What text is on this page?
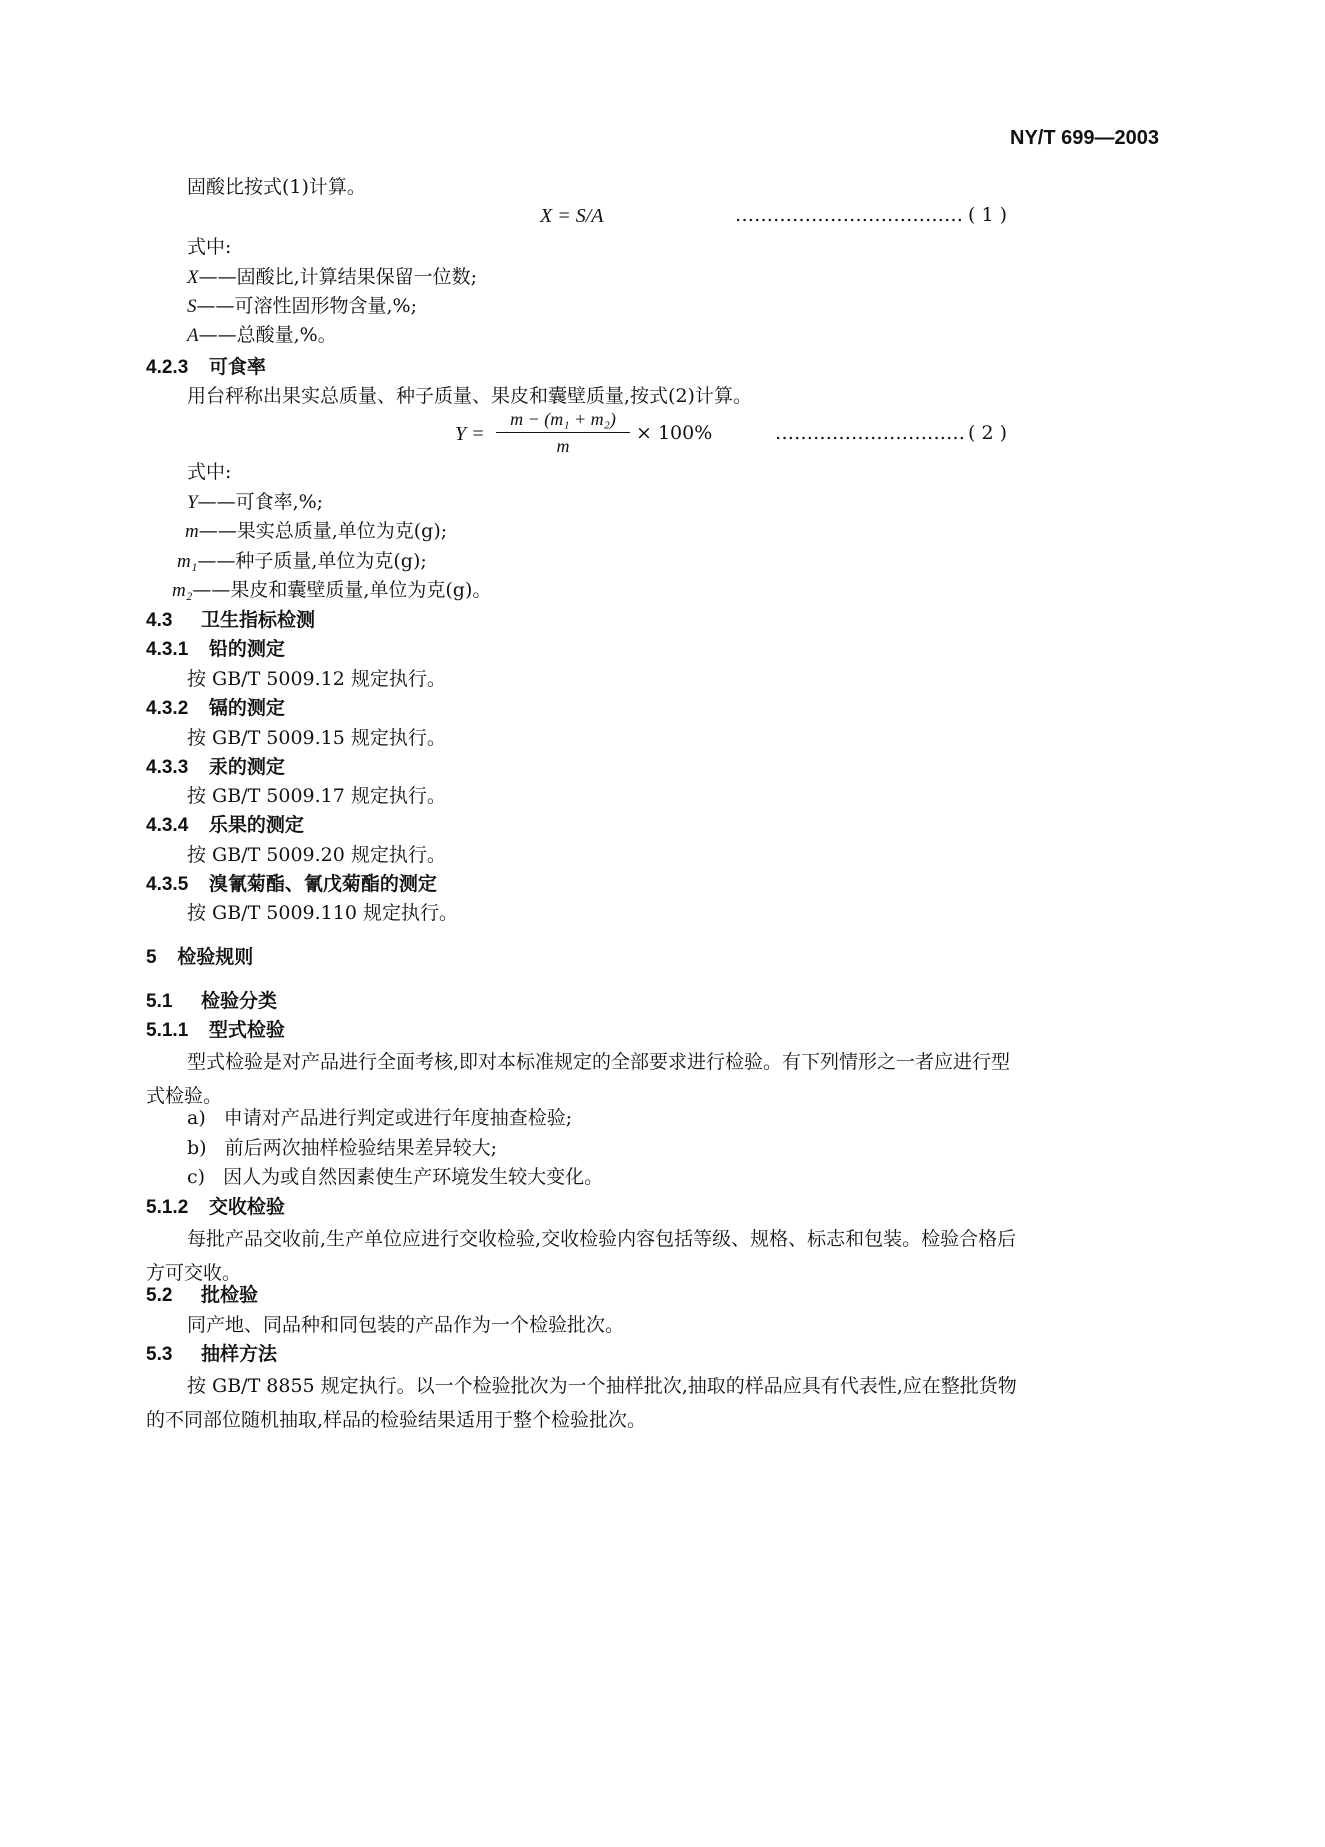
NY/T 699—2003
固酸比按式(1)计算。
X = S/A	……………………………… ( 1 )
式中:
X——固酸比,计算结果保留一位数;
S——可溶性固形物含量,%;
A——总酸量,%。
4.2.3 可食率
用台秤称出果实总质量、种子质量、果皮和囊壁质量,按式(2)计算。
$Y = \frac{\text{m − (m₁ + m₂)}}{m} \times 100\%$	………………………… ( 2 )
式中:
Y——可食率,%;
m——果实总质量,单位为克(g);
m₁——种子质量,单位为克(g);
m₂——果皮和囊壁质量,单位为克(g)。
4.3 卫生指标检测
4.3.1 铅的测定
按 GB/T 5009.12 规定执行。
4.3.2 镉的测定
按 GB/T 5009.15 规定执行。
4.3.3 汞的测定
按 GB/T 5009.17 规定执行。
4.3.4 乐果的测定
按 GB/T 5009.20 规定执行。
4.3.5 溴氰菊酯、氰戊菊酯的测定
按 GB/T 5009.110 规定执行。
5 检验规则
5.1 检验分类
5.1.1 型式检验
型式检验是对产品进行全面考核,即对本标准规定的全部要求进行检验。有下列情形之一者应进行型式检验。
a) 申请对产品进行判定或进行年度抽查检验;
b) 前后两次抽样检验结果差异较大;
c) 因人为或自然因素使生产环境发生较大变化。
5.1.2 交收检验
每批产品交收前,生产单位应进行交收检验,交收检验内容包括等级、规格、标志和包装。检验合格后方可交收。
5.2 批检验
同产地、同品种和同包装的产品作为一个检验批次。
5.3 抽样方法
按 GB/T 8855 规定执行。以一个检验批次为一个抽样批次,抽取的样品应具有代表性,应在整批货物的不同部位随机抽取,样品的检验结果适用于整个检验批次。
